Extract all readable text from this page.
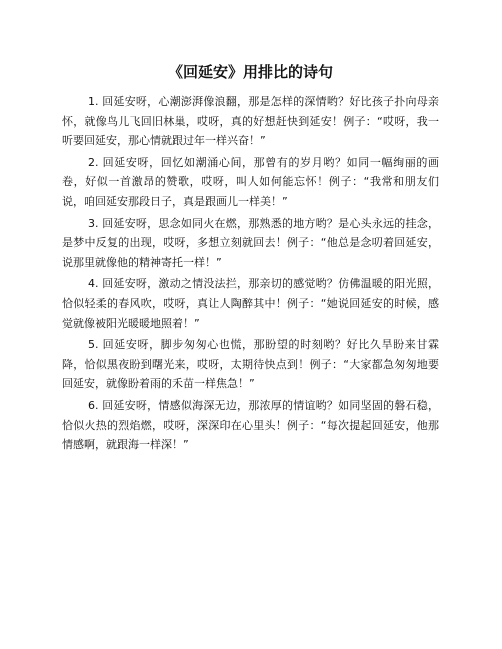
《回延安》用排比的诗句

1. 回延安呀，心潮澎湃像浪翻，那是怎样的深情哟？好比孩子扑向母亲怀，就像鸟儿飞回旧林巢，哎呀，真的好想赶快到延安！例子：“哎呀，我一听要回延安，那心情就跟过年一样兴奋！”

2. 回延安呀，回忆如潮涌心间，那曾有的岁月哟？如同一幅绚丽的画卷，好似一首激昂的赞歌，哎呀，叫人如何能忘怀！例子：“我常和朋友们说，咱回延安那段日子，真是跟画儿一样美！”

3. 回延安呀，思念如同火在燃，那熟悉的地方哟？是心头永远的挂念，是梦中反复的出现，哎呀，多想立刻就回去！例子：“他总是念叨着回延安，说那里就像他的精神寄托一样！”

4. 回延安呀，激动之情没法拦，那亲切的感觉哟？仿佛温暖的阳光照，恰似轻柔的春风吹，哎呀，真让人陶醉其中！例子：“她说回延安的时候，感觉就像被阳光暖暖地照着！”

5. 回延安呀，脚步匆匆心也慌，那盼望的时刻哟？好比久旱盼来甘霖降，恰似黑夜盼到曙光来，哎呀，太期待快点到！例子：“大家都急匆匆地要回延安，就像盼着雨的禾苗一样焦急！”

6. 回延安呀，情感似海深无边，那浓厚的情谊哟？如同坚固的磐石稳，恰似火热的烈焰燃，哎呀，深深印在心里头！例子：“每次提起回延安，他那情感啊，就跟海一样深！”
